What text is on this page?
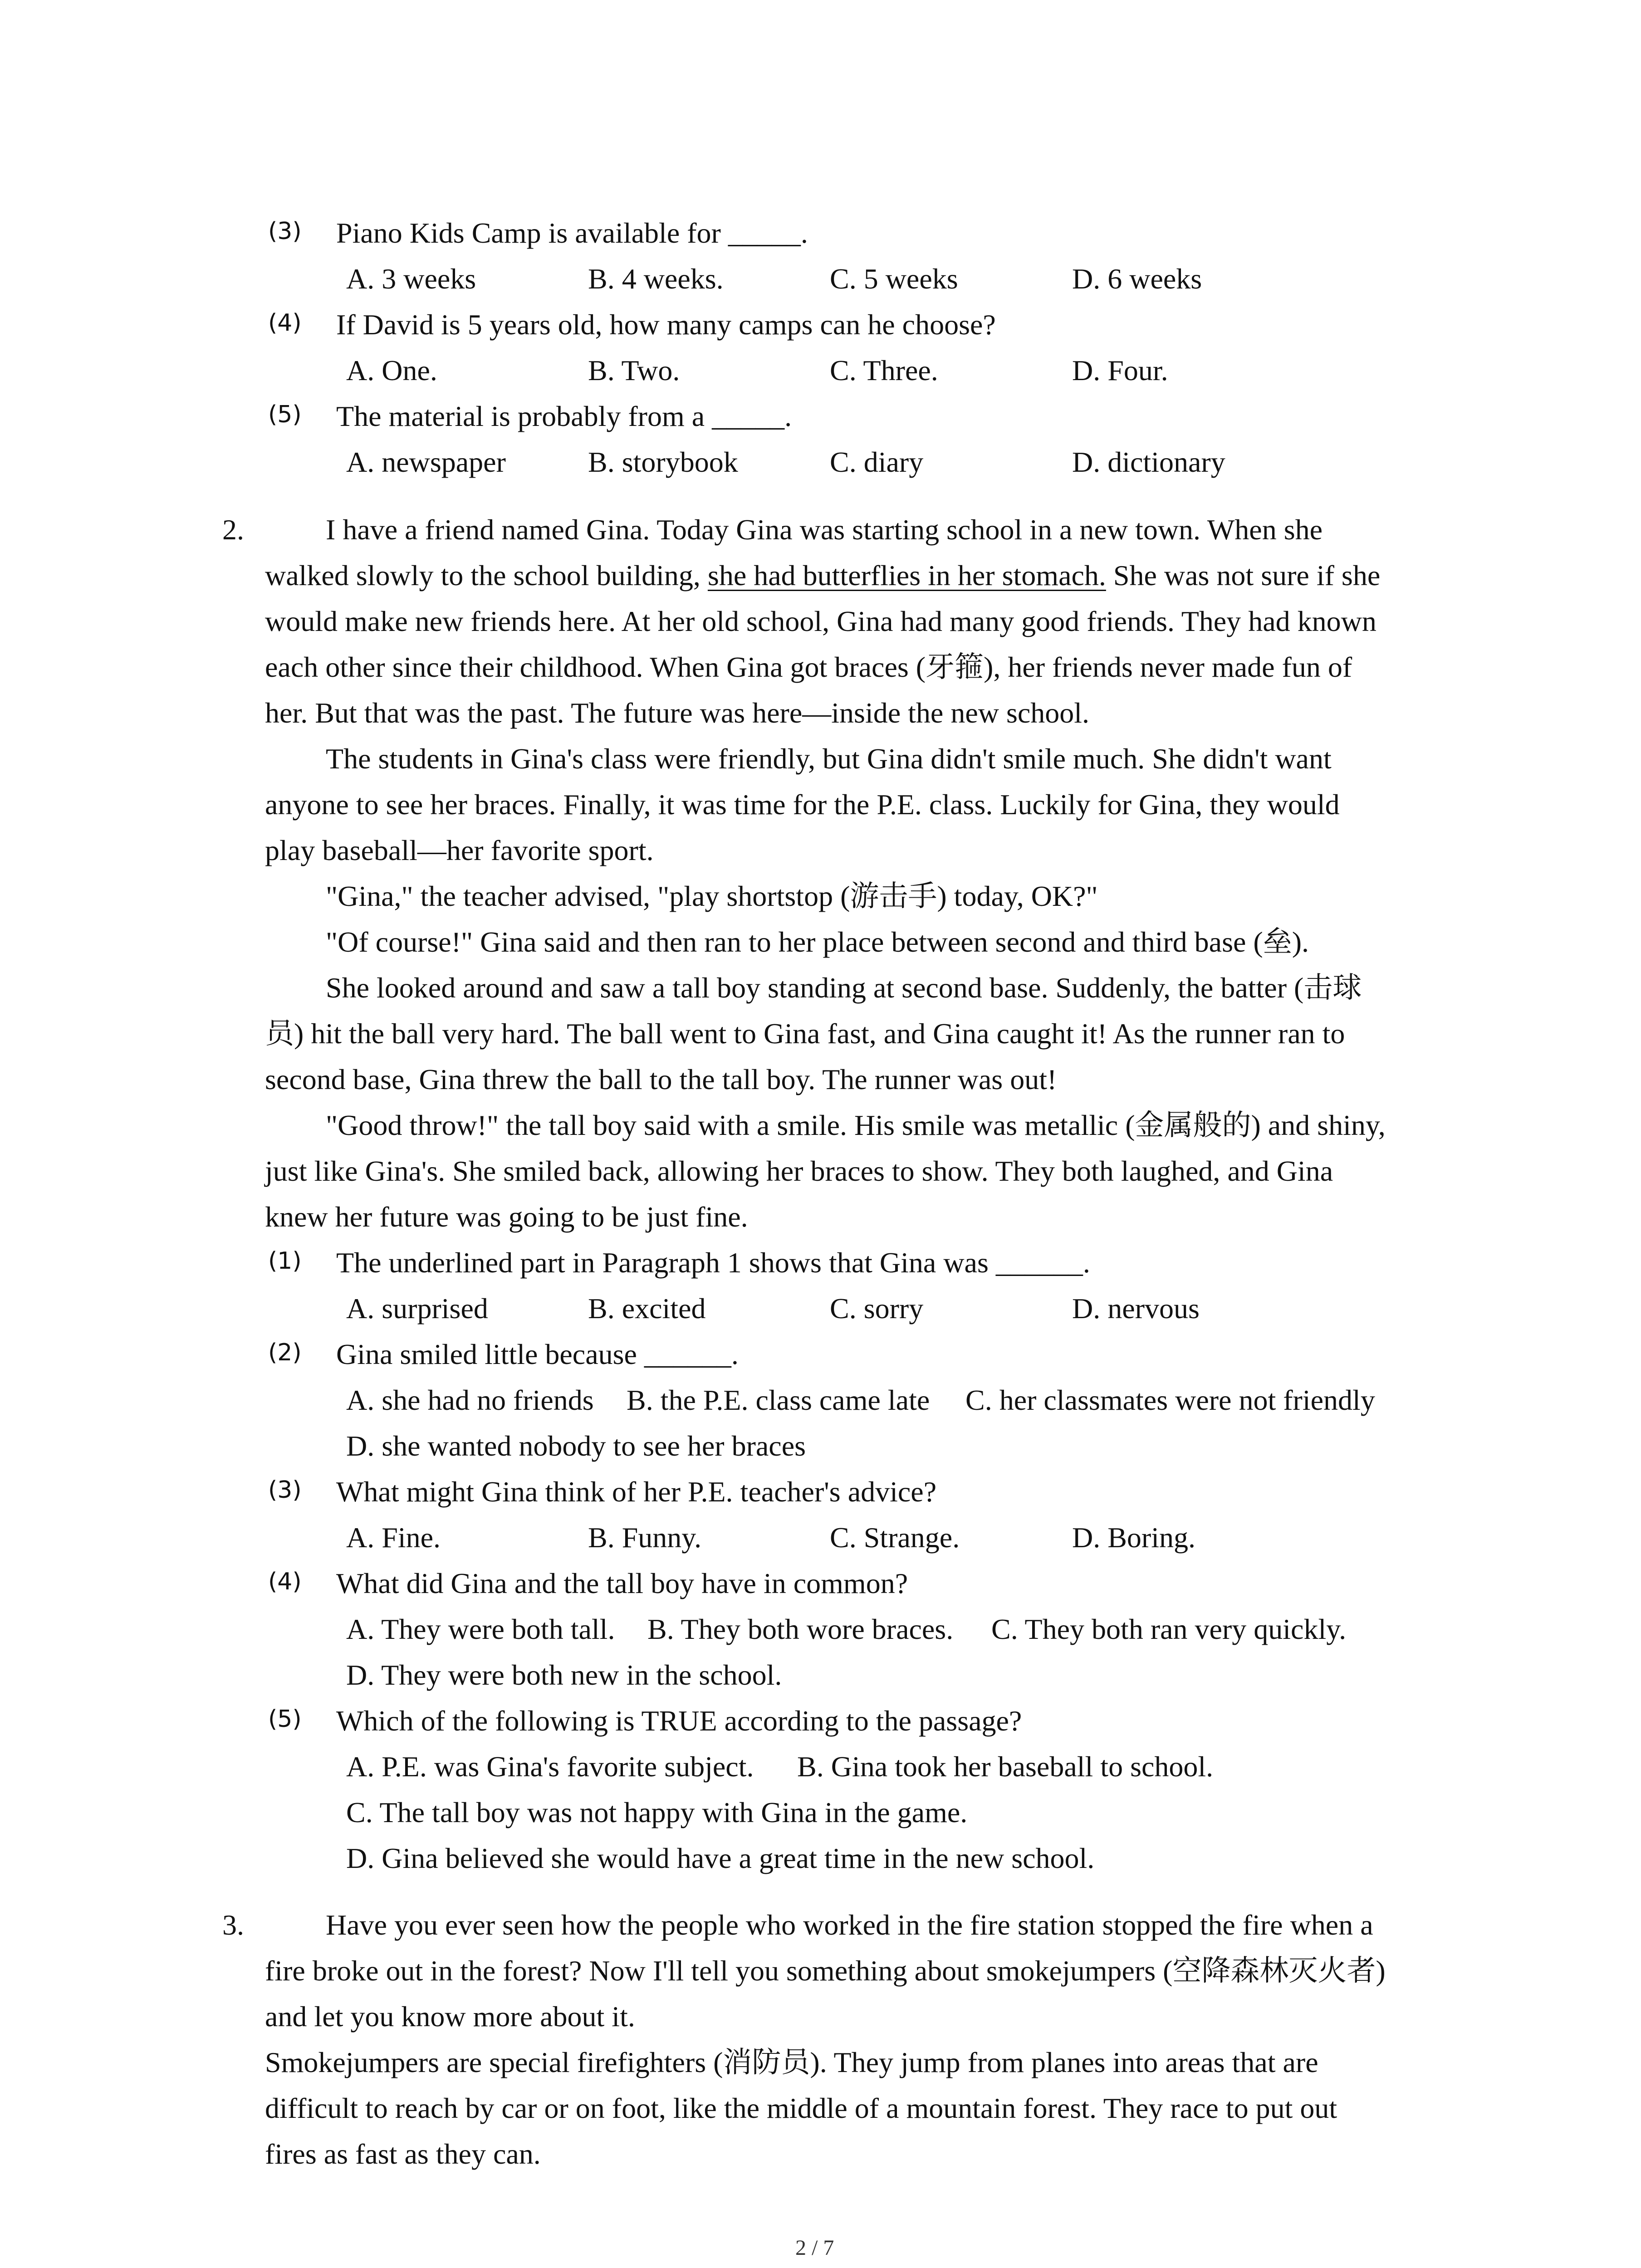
(3) Piano Kids Camp is available for _____.
A. 3 weeks	B. 4 weeks.	C. 5 weeks	D. 6 weeks
(4) If David is 5 years old, how many camps can he choose?
A. One.	B. Two.	C. Three.	D. Four.
(5) The material is probably from a _____.
A. newspaper	B. storybook	C. diary	D. dictionary
2.	I have a friend named Gina. Today Gina was starting school in a new town. When she
walked slowly to the school building, she had butterflies in her stomach. She was not sure if she
would make new friends here. At her old school, Gina had many good friends. They had known
each other since their childhood. When Gina got braces (牙箍), her friends never made fun of
her. But that was the past. The future was here—inside the new school.
The students in Gina's class were friendly, but Gina didn't smile much. She didn't want
anyone to see her braces. Finally, it was time for the P.E. class. Luckily for Gina, they would
play baseball—her favorite sport.
"Gina," the teacher advised, "play shortstop (游击手) today, OK?"
"Of course!" Gina said and then ran to her place between second and third base (垒).
She looked around and saw a tall boy standing at second base. Suddenly, the batter (击球
员) hit the ball very hard. The ball went to Gina fast, and Gina caught it! As the runner ran to
second base, Gina threw the ball to the tall boy. The runner was out!
"Good throw!" the tall boy said with a smile. His smile was metallic (金属般的) and shiny,
just like Gina's. She smiled back, allowing her braces to show. They both laughed, and Gina
knew her future was going to be just fine.
(1) The underlined part in Paragraph 1 shows that Gina was ______.
A. surprised	B. excited	C. sorry	D. nervous
(2) Gina smiled little because ______.
A. she had no friends B. the P.E. class came late C. her classmates were not friendly
D. she wanted nobody to see her braces
(3) What might Gina think of her P.E. teacher's advice?
A. Fine.	B. Funny.	C. Strange.	D. Boring.
(4) What did Gina and the tall boy have in common?
A. They were both tall. B. They both wore braces. C. They both ran very quickly.
D. They were both new in the school.
(5) Which of the following is TRUE according to the passage?
A. P.E. was Gina's favorite subject. B. Gina took her baseball to school.
C. The tall boy was not happy with Gina in the game.
D. Gina believed she would have a great time in the new school.
3.	Have you ever seen how the people who worked in the fire station stopped the fire when a
fire broke out in the forest? Now I'll tell you something about smokejumpers (空降森林灭火者)
and let you know more about it.
Smokejumpers are special firefighters (消防员). They jump from planes into areas that are
difficult to reach by car or on foot, like the middle of a mountain forest. They race to put out
fires as fast as they can.
2 / 7
